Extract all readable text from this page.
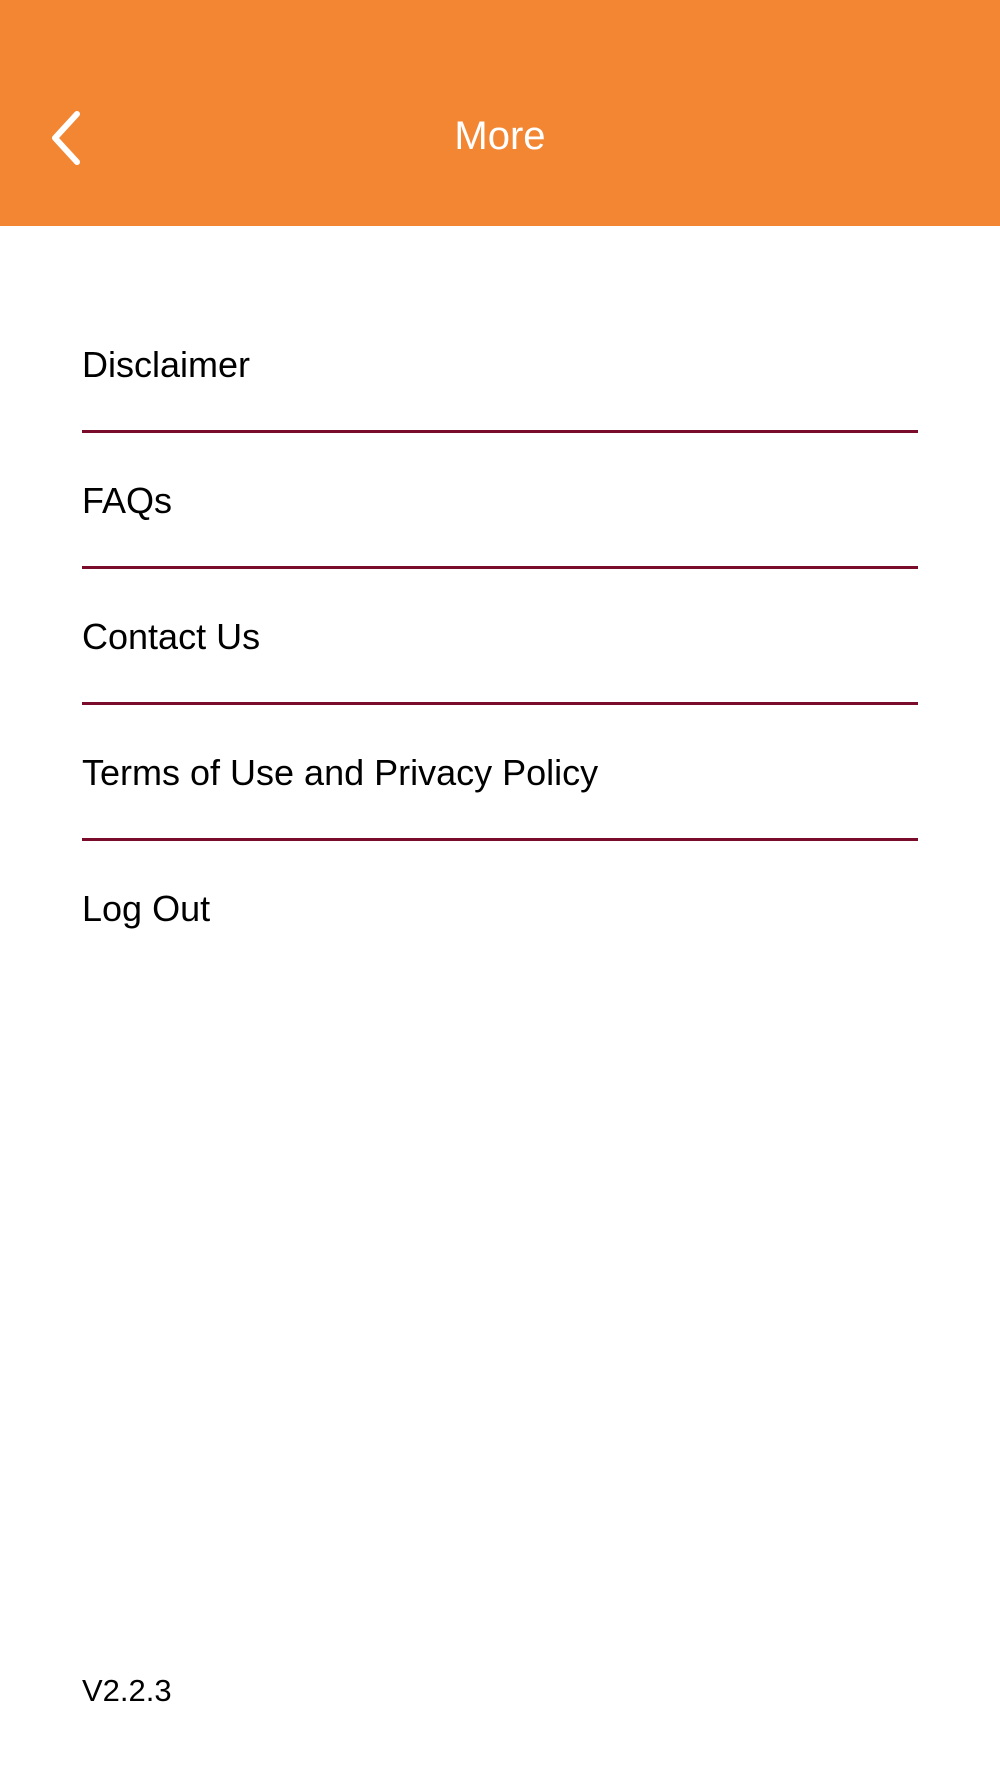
More
Disclaimer
FAQs
Contact Us
Terms of Use and Privacy Policy
Log Out
V2.2.3
